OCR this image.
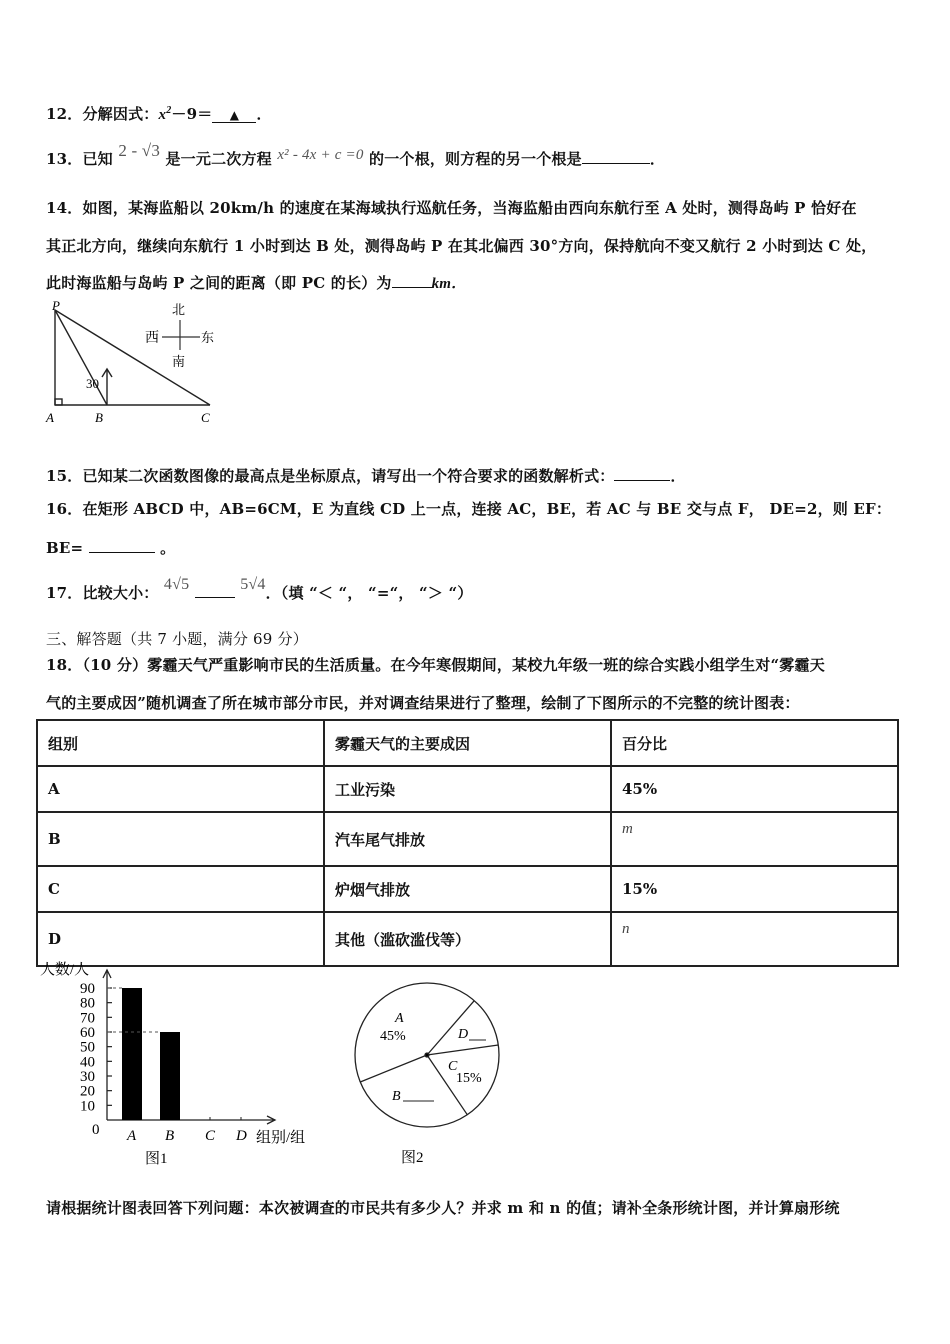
12．分解因式：$x^2-9=$ ▲ ．
13．已知 2 - √3 是一元二次方程 x² - 4x + c =0 的一个根，则方程的另一个根是	．
14．如图，某海监船以 20km/h 的速度在某海域执行巡航任务，当海监船由西向东航行至 A 处时，测得岛屿 P 恰好在
其正北方向，继续向东航行 1 小时到达 B 处，测得岛屿 P 在其北偏西 30°方向，保持航向不变又航行 2 小时到达 C 处，
此时海监船与岛屿 P 之间的距离（即 PC 的长）为	km．
P
A	B	C
30
北
南
西	东
15．已知某二次函数图像的最高点是坐标原点，请写出一个符合要求的函数解析式：	．
16．在矩形 ABCD 中，AB=6CM，E 为直线 CD 上一点，连接 AC，BE，若 AC 与 BE 交与点 F， DE=2，则 EF：
BE=	。
17．比较大小： 4√5	5√4．（填 “＜ “， “=“， “＞ “）
三、解答题（共 7 小题，满分 69 分）
18．（10 分）雾霾天气严重影响市民的生活质量。在今年寒假期间，某校九年级一班的综合实践小组学生对“雾霾天
气的主要成因”随机调查了所在城市部分市民，并对调查结果进行了整理，绘制了下图所示的不完整的统计图表：
组别	雾霾天气的主要成因	百分比
A	工业污染	45%
B	汽车尾气排放	m
C	炉烟气排放	15%
D	其他（滥砍滥伐等）	n
人数/人
0
10
20
30
40
50
60
70
80
90
A B C D 组别/组
图1
A
45%
B
C
15%
D
图2
请根据统计图表回答下列问题：本次被调查的市民共有多少人？并求 m 和 n 的值；请补全条形统计图，并计算扇形统
